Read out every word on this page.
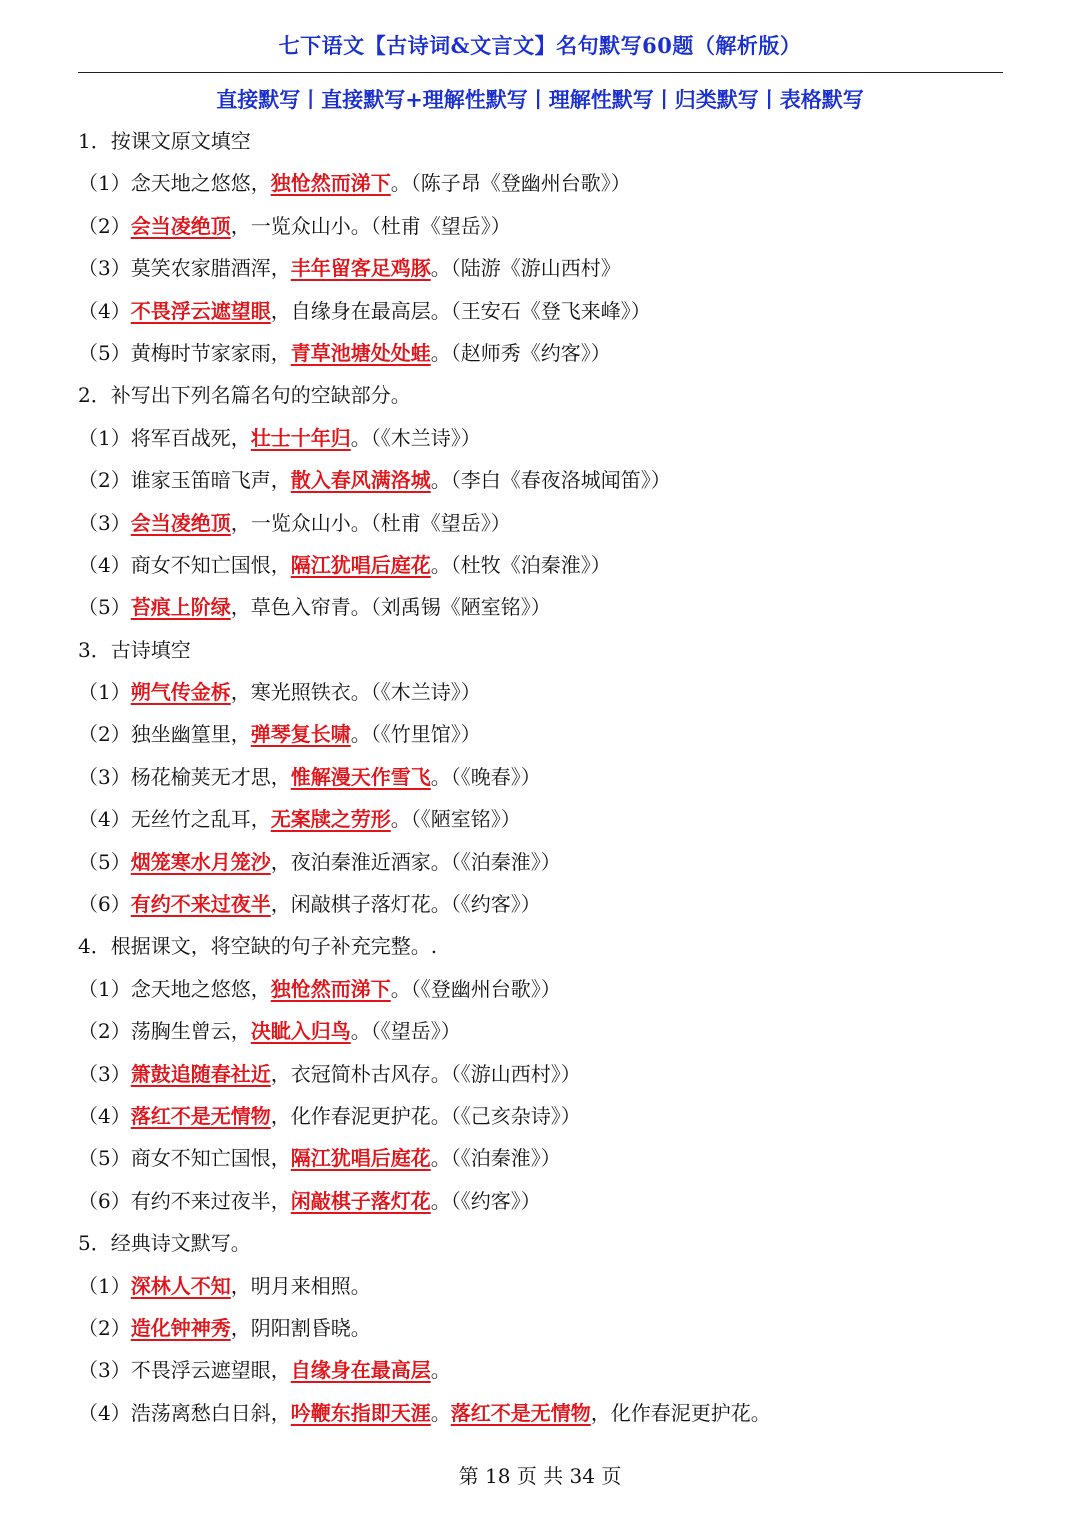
七下语文【古诗词&文言文】名句默写60题（解析版）
直接默写丨直接默写+理解性默写丨理解性默写丨归类默写丨表格默写
1．按课文原文填空
（1）念天地之悠悠，独怆然而涕下。（陈子昂《登幽州台歌》）
（2）会当凌绝顶，一览众山小。（杜甫《望岳》）
（3）莫笑农家腊酒浑，丰年留客足鸡豚。（陆游《游山西村》
（4）不畏浮云遮望眼，自缘身在最高层。（王安石《登飞来峰》）
（5）黄梅时节家家雨，青草池塘处处蛙。（赵师秀《约客》）
2．补写出下列名篇名句的空缺部分。
（1）将军百战死，壮士十年归。（《木兰诗》）
（2）谁家玉笛暗飞声，散入春风满洛城。（李白《春夜洛城闻笛》）
（3）会当凌绝顶，一览众山小。（杜甫《望岳》）
（4）商女不知亡国恨，隔江犹唱后庭花。（杜牧《泊秦淮》）
（5）苔痕上阶绿，草色入帘青。（刘禹锡《陋室铭》）
3．古诗填空
（1）朔气传金柝，寒光照铁衣。（《木兰诗》）
（2）独坐幽篁里，弹琴复长啸。（《竹里馆》）
（3）杨花榆荚无才思，惟解漫天作雪飞。（《晚春》）
（4）无丝竹之乱耳，无案牍之劳形。（《陋室铭》）
（5）烟笼寒水月笼沙，夜泊秦淮近酒家。（《泊秦淮》）
（6）有约不来过夜半，闲敲棋子落灯花。（《约客》）
4．根据课文，将空缺的句子补充完整。.
（1）念天地之悠悠，独怆然而涕下。（《登幽州台歌》）
（2）荡胸生曾云，决眦入归鸟。（《望岳》）
（3）箫鼓追随春社近，衣冠简朴古风存。（《游山西村》）
（4）落红不是无情物，化作春泥更护花。（《己亥杂诗》）
（5）商女不知亡国恨，隔江犹唱后庭花。（《泊秦淮》）
（6）有约不来过夜半，闲敲棋子落灯花。（《约客》）
5．经典诗文默写。
（1）深林人不知，明月来相照。
（2）造化钟神秀，阴阳割昏晓。
（3）不畏浮云遮望眼，自缘身在最高层。
（4）浩荡离愁白日斜，吟鞭东指即天涯。落红不是无情物，化作春泥更护花。
第 18 页 共 34 页
